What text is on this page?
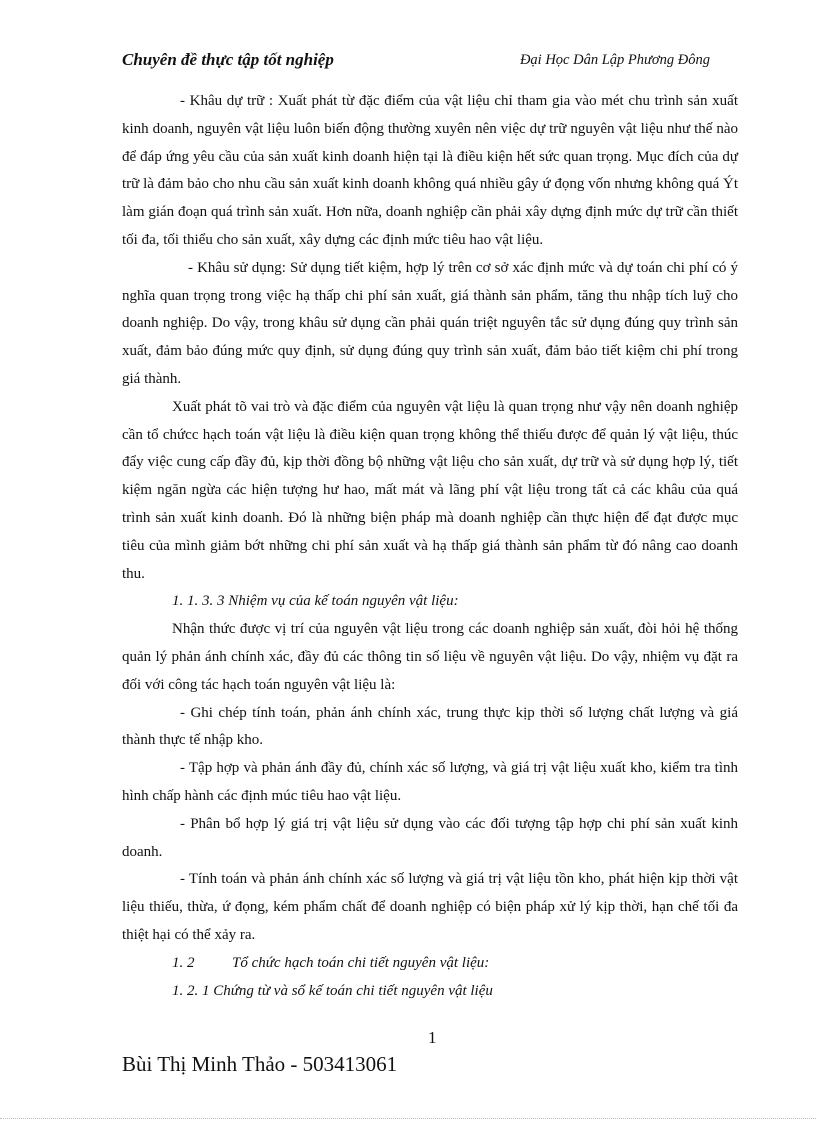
Chuyên đề thực tập tốt nghiệp	Đại Học Dân Lập Phương Đông

- Khâu dự trữ : Xuất phát từ đặc điểm của vật liệu chỉ tham gia vào mét chu trình sản xuất kinh doanh, nguyên vật liệu luôn biến động thường xuyên nên việc dự trữ nguyên vật liệu như thế nào để đáp ứng yêu cầu của sản xuất kinh doanh hiện tại là điều kiện hết sức quan trọng. Mục đích của dự trữ là đảm bảo cho nhu cầu sản xuất kinh doanh không quá nhiều gây ứ đọng vốn nhưng không quá Ýt làm gián đoạn quá trình sản xuất. Hơn nữa, doanh nghiệp cần phải xây dựng định mức dự trữ cần thiết tối đa, tối thiểu cho sản xuất, xây dựng các định mức tiêu hao vật liệu.

- Khâu sử dụng: Sử dụng tiết kiệm, hợp lý trên cơ sở xác định mức và dự toán chi phí có ý nghĩa quan trọng trong việc hạ thấp chi phí sản xuất, giá thành sản phẩm, tăng thu nhập tích luỹ cho doanh nghiệp. Do vậy, trong khâu sử dụng cần phải quán triệt nguyên tắc sử dụng đúng quy trình sản xuất, đảm bảo đúng mức quy định, sử dụng đúng quy trình sản xuất, đảm bảo tiết kiệm chi phí trong giá thành.

Xuất phát tõ vai trò và đặc điểm của nguyên vật liệu là quan trọng như vậy nên doanh nghiệp cần tổ chứcc hạch toán vật liệu là điều kiện quan trọng không thể thiếu được để quản lý vật liệu, thúc đẩy việc cung cấp đầy đủ, kịp thời đồng bộ những vật liệu cho sản xuất, dự trữ và sử dụng hợp lý, tiết kiệm ngăn ngừa các hiện tượng hư hao, mất mát và lãng phí vật liệu trong tất cả các khâu của quá trình sản xuất kinh doanh. Đó là những biện pháp mà doanh nghiệp cần thực hiện để đạt được mục tiêu của mình giảm bớt những chi phí sản xuất và hạ thấp giá thành sản phẩm từ đó nâng cao doanh thu.

1. 1. 3. 3 Nhiệm vụ của kế toán nguyên vật liệu:

Nhận thức được vị trí của nguyên vật liệu trong các doanh nghiệp sản xuất, đòi hỏi hệ thống quản lý phản ánh chính xác, đầy đủ các thông tin số liệu về nguyên vật liệu. Do vậy, nhiệm vụ đặt ra đối với công tác hạch toán nguyên vật liệu là:

- Ghi chép tính toán, phản ánh chính xác, trung thực kịp thời số lượng chất lượng và giá thành thực tế nhập kho.

- Tập hợp và phản ánh đầy đủ, chính xác số lượng, và giá trị vật liệu xuất kho, kiểm tra tình hình chấp hành các định múc tiêu hao vật liệu.

- Phân bổ hợp lý giá trị vật liệu sử dụng vào các đối tượng tập hợp chi phí sản xuất kinh doanh.

- Tính toán và phản ánh chính xác số lượng và giá trị vật liệu tồn kho, phát hiện kịp thời vật liệu thiếu, thừa, ứ đọng, kém phẩm chất để doanh nghiệp có biện pháp xử lý kịp thời, hạn chế tối đa thiệt hại có thể xảy ra.

1. 2	Tổ chức hạch toán chi tiết nguyên vật liệu:

1. 2. 1 Chứng từ và sổ kế toán chi tiết nguyên vật liệu

1
Bùi Thị Minh Thảo - 503413061
